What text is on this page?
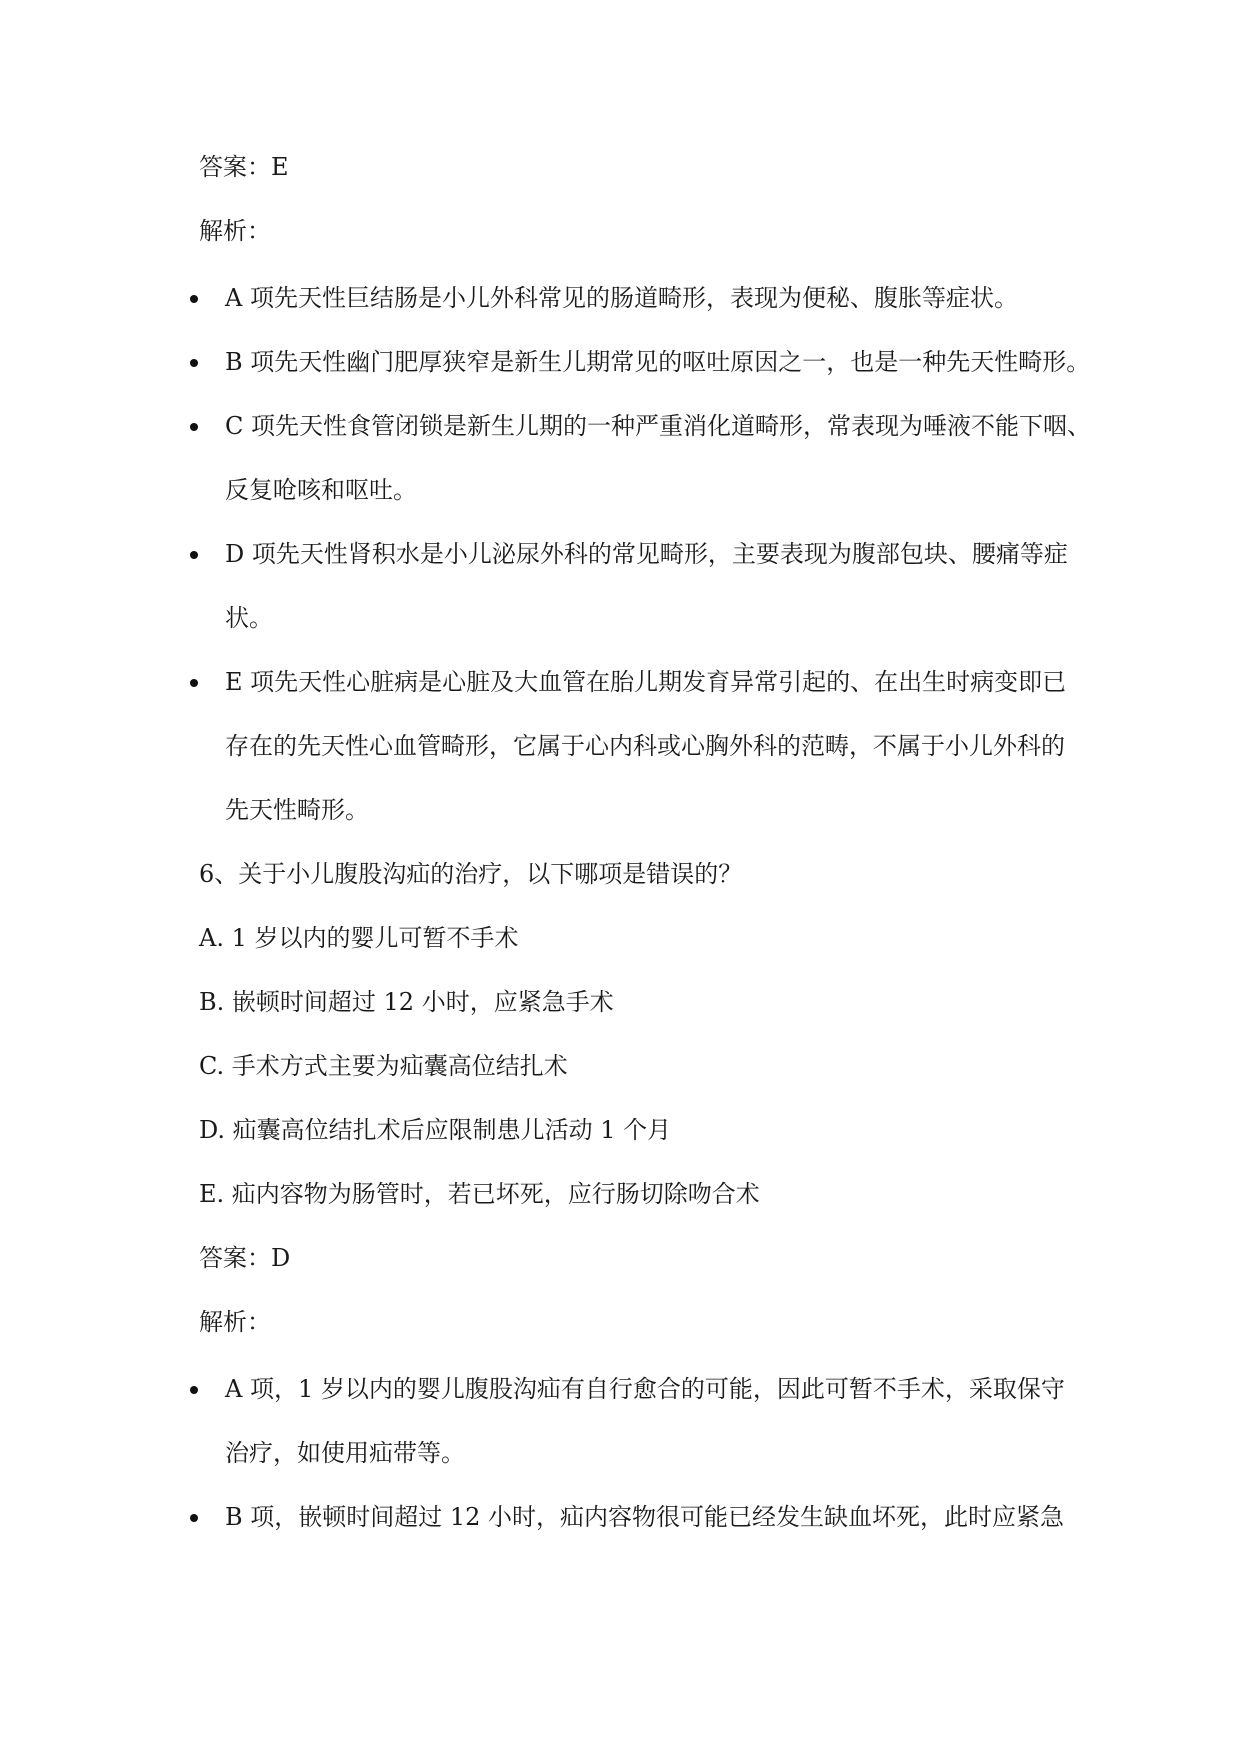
答案：E
解析：
A 项先天性巨结肠是小儿外科常见的肠道畸形，表现为便秘、腹胀等症状。
B 项先天性幽门肥厚狭窄是新生儿期常见的呕吐原因之一，也是一种先天性畸形。
C 项先天性食管闭锁是新生儿期的一种严重消化道畸形，常表现为唾液不能下咽、
反复呛咳和呕吐。
D 项先天性肾积水是小儿泌尿外科的常见畸形，主要表现为腹部包块、腰痛等症
状。
E 项先天性心脏病是心脏及大血管在胎儿期发育异常引起的、在出生时病变即已
存在的先天性心血管畸形，它属于心内科或心胸外科的范畴，不属于小儿外科的
先天性畸形。
6、关于小儿腹股沟疝的治疗，以下哪项是错误的？
A. 1 岁以内的婴儿可暂不手术
B. 嵌顿时间超过 12 小时，应紧急手术
C. 手术方式主要为疝囊高位结扎术
D. 疝囊高位结扎术后应限制患儿活动 1 个月
E. 疝内容物为肠管时，若已坏死，应行肠切除吻合术
答案：D
解析：
A 项，1 岁以内的婴儿腹股沟疝有自行愈合的可能，因此可暂不手术，采取保守
治疗，如使用疝带等。
B 项，嵌顿时间超过 12 小时，疝内容物很可能已经发生缺血坏死，此时应紧急
